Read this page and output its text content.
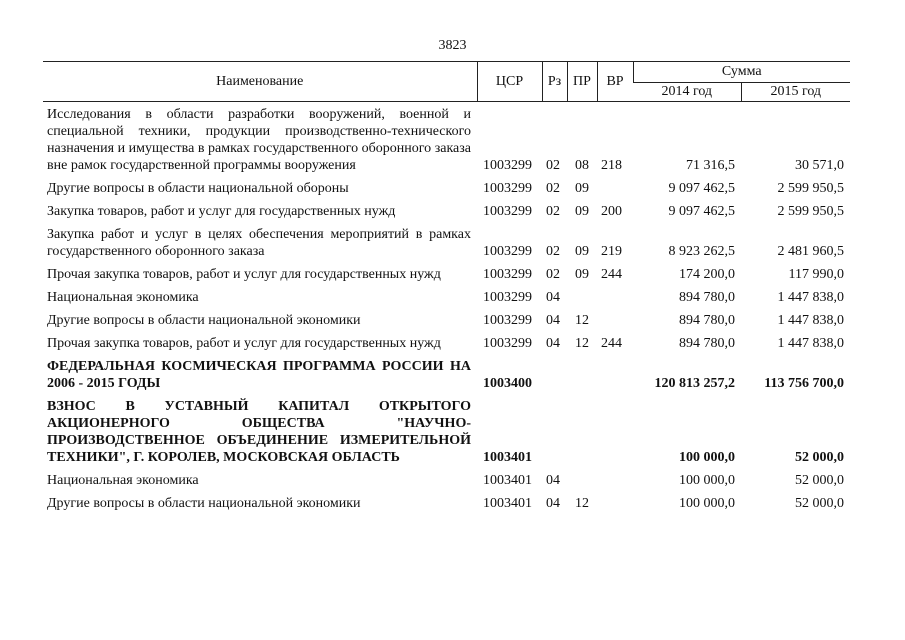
3823
Наименование	ЦСР	Рз	ПР	ВР	Сумма	
					2014 год	2015 год
Исследования в области разработки вооружений, военной и специальной техники, продукции производственно-технического назначения и имущества в рамках государственного оборонного заказа вне рамок государственной программы вооружения	1003299	02	08	218	71 316,5	30 571,0
Другие вопросы в области национальной обороны	1003299	02	09		9 097 462,5	2 599 950,5
Закупка товаров, работ и услуг для государственных нужд	1003299	02	09	200	9 097 462,5	2 599 950,5
Закупка работ и услуг в целях обеспечения мероприятий в рамках государственного оборонного заказа	1003299	02	09	219	8 923 262,5	2 481 960,5
Прочая закупка товаров, работ и услуг для государственных нужд	1003299	02	09	244	174 200,0	117 990,0
Национальная экономика	1003299	04			894 780,0	1 447 838,0
Другие вопросы в области национальной экономики	1003299	04	12		894 780,0	1 447 838,0
Прочая закупка товаров, работ и услуг для государственных нужд	1003299	04	12	244	894 780,0	1 447 838,0
ФЕДЕРАЛЬНАЯ КОСМИЧЕСКАЯ ПРОГРАММА РОССИИ НА 2006 - 2015 ГОДЫ	1003400				120 813 257,2	113 756 700,0
ВЗНОС В УСТАВНЫЙ КАПИТАЛ ОТКРЫТОГО АКЦИОНЕРНОГО ОБЩЕСТВА "НАУЧНО-ПРОИЗВОДСТВЕННОЕ ОБЪЕДИНЕНИЕ ИЗМЕРИТЕЛЬНОЙ ТЕХНИКИ", Г. КОРОЛЕВ, МОСКОВСКАЯ ОБЛАСТЬ	1003401				100 000,0	52 000,0
Национальная экономика	1003401	04			100 000,0	52 000,0
Другие вопросы в области национальной экономики	1003401	04	12		100 000,0	52 000,0
